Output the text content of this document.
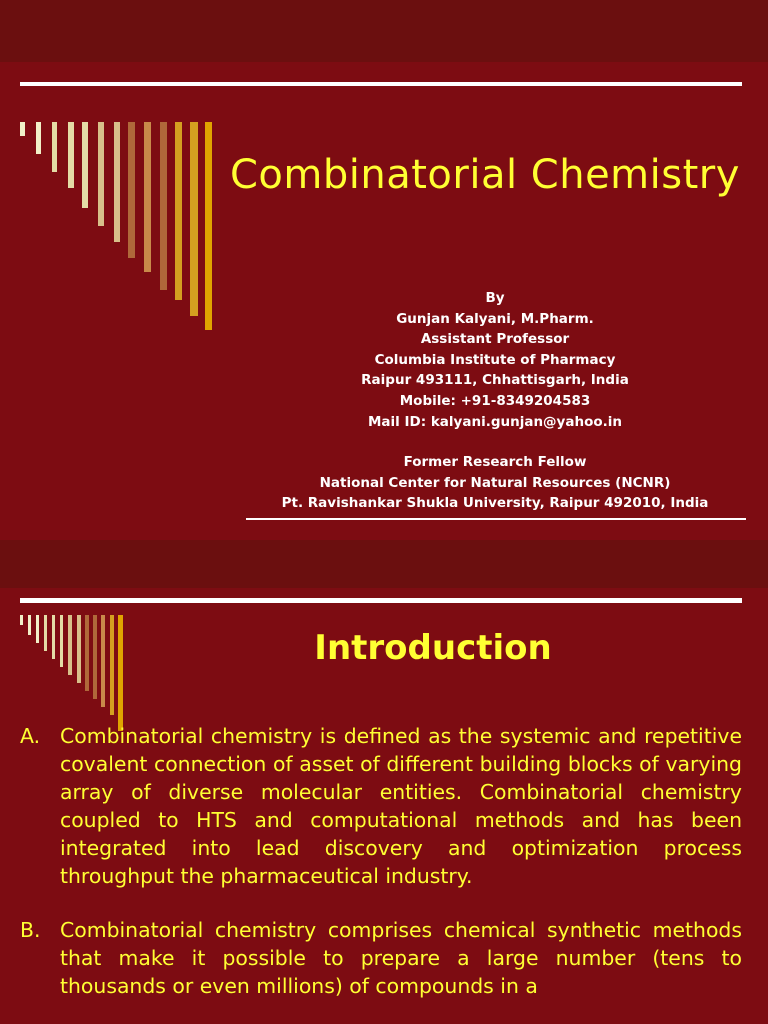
Combinatorial Chemistry
By
Gunjan Kalyani, M.Pharm.
Assistant Professor
Columbia Institute of Pharmacy
Raipur 493111, Chhattisgarh, India
Mobile: +91-8349204583
Mail ID: kalyani.gunjan@yahoo.in
Former Research Fellow
National Center for Natural Resources (NCNR)
Pt. Ravishankar Shukla University, Raipur 492010, India
Introduction
A. Combinatorial chemistry is defined as the systemic and repetitive covalent connection of asset of different building blocks of varying array of diverse molecular entities. Combinatorial chemistry coupled to HTS and computational methods and has been integrated into lead discovery and optimization process throughput the pharmaceutical industry.
B. Combinatorial chemistry comprises chemical synthetic methods that make it possible to prepare a large number (tens to thousands or even millions) of compounds in a
